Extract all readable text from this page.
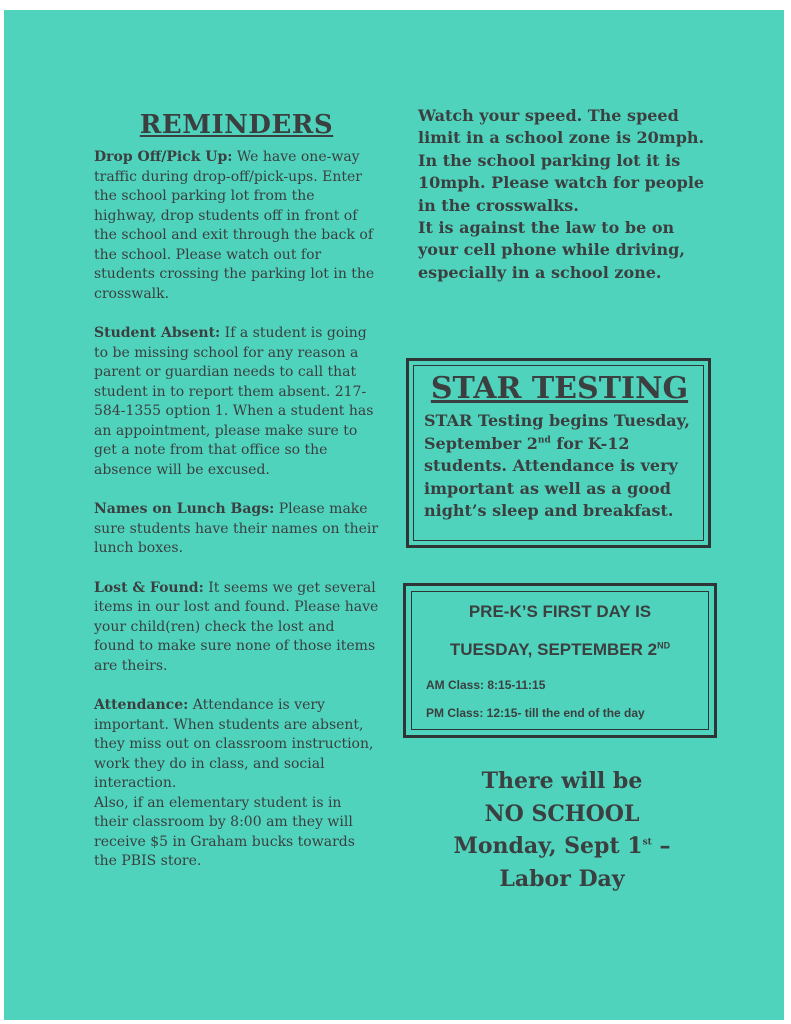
REMINDERS

Drop Off/Pick Up: We have one-way traffic during drop-off/pick-ups. Enter the school parking lot from the highway, drop students off in front of the school and exit through the back of the school. Please watch out for students crossing the parking lot in the crosswalk.

Student Absent: If a student is going to be missing school for any reason a parent or guardian needs to call that student in to report them absent. 217-584-1355 option 1. When a student has an appointment, please make sure to get a note from that office so the absence will be excused.

Names on Lunch Bags: Please make sure students have their names on their lunch boxes.

Lost & Found: It seems we get several items in our lost and found. Please have your child(ren) check the lost and found to make sure none of those items are theirs.

Attendance: Attendance is very important. When students are absent, they miss out on classroom instruction, work they do in class, and social interaction.
Also, if an elementary student is in their classroom by 8:00 am they will receive $5 in Graham bucks towards the PBIS store.

Watch your speed. The speed limit in a school zone is 20mph. In the school parking lot it is 10mph. Please watch for people in the crosswalks.

It is against the law to be on your cell phone while driving, especially in a school zone.

STAR TESTING

STAR Testing begins Tuesday, September 2nd for K-12 students. Attendance is very important as well as a good night’s sleep and breakfast.

PRE-K’S FIRST DAY IS
TUESDAY, SEPTEMBER 2ND
AM Class: 8:15-11:15
PM Class: 12:15- till the end of the day
There will be
NO SCHOOL
Monday, Sept 1st –
Labor Day
